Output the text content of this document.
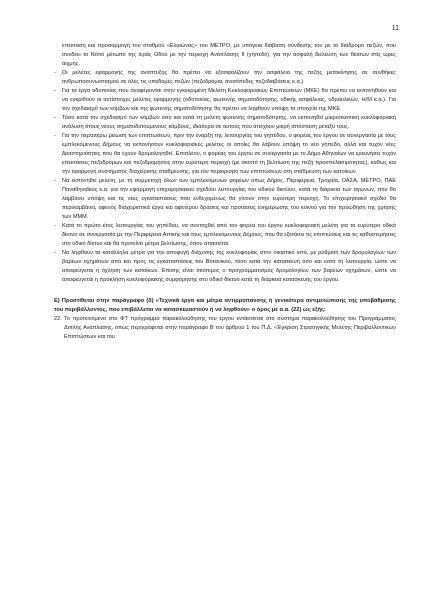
11

επέκταση και προσαρμογή του σταθμού «Ελαιώνας» του ΜΕΤΡΟ, με υπόγεια διάβαση σύνδεσής του με το διάδρομο πεζών, που συνδέει το Νότιο μέτωπο της Ιεράς Οδού με την περιοχή Ανάπλασης ΙΙ (γήπεδο), για την ασφαλή διέλευση των θεατών στις ώρες αιχμής.

- Οι μελέτες εφαρμογής της ανάπτυξης θα πρέπει να εξασφαλίζουν την ασφάλεια της πεζής μετακίνησης σε συνθήκες ανθρωποσυνωστισμού σε όλες τις υποδομές πεζών (πεζοδρόμια, ανισόπεδες πεζοδιαβάσεις κ.α.)
- Για τα έργα οδοποιίας που αναφέρονται στην εγκεκριμένη Μελέτη Κυκλοφοριακών Επιπτώσεων (ΜΚΕ) θα πρέπει να εκπονηθούν και να εγκριθούν οι αντίστοιχες μελέτες εφαρμογής (οδοποιίας, φωτεινής σηματοδότησης, οδικής ασφάλειας, υδραυλικών, Η/Μ κ.α.). Για τον σχεδιασμό των κόμβων και της φωτεινής σηματοδότησης θα πρέπει να ληφθούν υπόψη τα στοιχεία της ΜΚΕ.
- Τόσο κατά τον σχεδιασμό των κόμβων όσο και κατά τη μελέτη φωτεινής σηματοδότησης, να εκπονηθεί μικροσκοπική κυκλοφοριακή ανάλυση στους νέους σηματοδοτούμενους κόμβους, ιδιαίτερα σε αυτούς που απέχουν μικρή απόσταση μεταξύ τους.
- Για την περαιτέρω μείωση των επιπτώσεων, πριν την έναρξη της λειτουργίας του γηπέδου, ο φορέας του έργου σε συνεργασία με τους εμπλεκόμενους Δήμους να εκπονήσουν κυκλοφοριακές μελέτες οι οποίες θα λάβουν υπόψη το νέο γήπεδο, αλλά και τυχόν νέες δραστηριότητες που θα έχουν δρομολογηθεί. Επιπλέον, ο φορέας του έργου σε συνεργασία με το Δήμο Αθηναίων να ερευνήσει τυχόν επεκτάσεις πεζοδρόμων και πεζοδρομήσεις στην ευρύτερη περιοχή (με σκοπό τη βελτίωση της πεζή προσπελασιμότητας), καθώς και την εφαρμογή συστήματος διαχείρισης στάθμευσης, για τον περιορισμό των επιπτώσεων στη στάθμευση των κατοίκων.
- Να εκπονηθεί μελέτη, με τη συμμετοχή όλων των εμπλεκόμενων φορέων όπως Δήμος, Περιφέρεια, Τροχαία, ΟΑΣΑ, ΜΕΤΡΟ, ΠΑΕ Παναθηναϊκός κ.α. για την εφαρμογή επιχειρησιακού σχεδίου λειτουργίας του οδικού δικτύου, κατά τη διάρκεια των αγώνων, που θα λαμβάνει υπόψη και τις νέες εγκαταστάσεις που ενδεχομένως θα γίνουν στην ευρύτερη περιοχή. Το επιχειρησιακό σχέδιο θα περιλαμβάνει, αφενός διαχειριστικά έργα και αφετέρου δράσεις και προτάσεις ενημέρωσης του κοινού για την προώθηση της χρήσης των ΜΜΜ.
- Κατά το πρώτο έτος λειτουργίας του γηπέδου, να συνταχθεί από τον φορέα του έργου κυκλοφοριακή μελέτη για το ευρύτερο οδικό δίκτυο σε συνεργασία με την Περιφέρεια Αττικής και τους εμπλεκόμενους Δήμους, που θα εξετάσει τις επιπτώσεις και τις καθυστερήσεις στο οδικό δίκτυο και θα προτείνει μέτρα βελτίωσης, όπου απαιτείται.
- Να ληφθούν τα κατάλληλα μέτρα για την αποφυγή διάχυσης της κυκλοφορίας στον οικιστικό ιστό, με ρύθμιση των δρομολογίων των βαρέων οχημάτων από και προς τις εγκαταστάσεις του Βοτανικού, τόσο κατά την κατασκευή όσο και κατά τη λειτουργία, ώστε να αποφεύγεται η όχληση των κατοίκων. Επίσης είναι σκόπιμος ο προγραμματισμός δρομολογίων των βαρέων οχημάτων, ώστε να αποφεύγεται η πρόκληση κυκλοφοριακής συμφόρησης στο οδικό δίκτυο κατά τη διάρκεια κατασκευής του έργου.
Ε) Προστίθεται στην παράγραφο (δ) «Τεχνικά έργα και μέτρα αντιρρύπανσης ή γενικότερα αντιμετώπισης της υποβάθμισης του περιβάλλοντος, που επιβάλλεται να κατασκευαστούν ή να ληφθούν» ο όρος με α.α. (22) ως εξής:
22. Το προτεινόμενο στο ΦΤ πρόγραμμα παρακολούθησης του έργου εντάσσεται στο σύστημα παρακολούθησης του Προγράμματος Διπλής Ανάπλασης, όπως περιγράφεται στην παράγραφο Β του άρθρου 1 του Π.Δ. «Έγκριση Στρατηγικής Μελέτης Περιβαλλοντικών Επιπτώσεων και του
